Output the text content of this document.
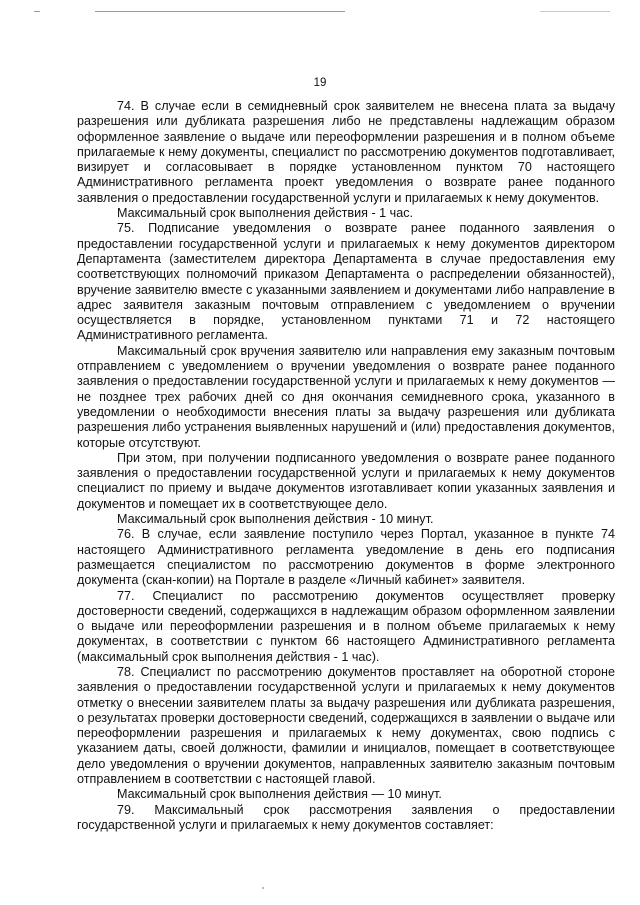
19

74. В случае если в семидневный срок заявителем не внесена плата за выдачу разрешения или дубликата разрешения либо не представлены надлежащим образом оформленное заявление о выдаче или переоформлении разрешения и в полном объеме прилагаемые к нему документы, специалист по рассмотрению документов подготавливает, визирует и согласовывает в порядке установленном пунктом 70 настоящего Административного регламента проект уведомления о возврате ранее поданного заявления о предоставлении государственной услуги и прилагаемых к нему документов.

Максимальный срок выполнения действия - 1 час.

75. Подписание уведомления о возврате ранее поданного заявления о предоставлении государственной услуги и прилагаемых к нему документов директором Департамента (заместителем директора Департамента в случае предоставления ему соответствующих полномочий приказом Департамента о распределении обязанностей), вручение заявителю вместе с указанными заявлением и документами либо направление в адрес заявителя заказным почтовым отправлением с уведомлением о вручении осуществляется в порядке, установленном пунктами 71 и 72 настоящего Административного регламента.

Максимальный срок вручения заявителю или направления ему заказным почтовым отправлением с уведомлением о вручении уведомления о возврате ранее поданного заявления о предоставлении государственной услуги и прилагаемых к нему документов — не позднее трех рабочих дней со дня окончания семидневного срока, указанного в уведомлении о необходимости внесения платы за выдачу разрешения или дубликата разрешения либо устранения выявленных нарушений и (или) предоставления документов, которые отсутствуют.

При этом, при получении подписанного уведомления о возврате ранее поданного заявления о предоставлении государственной услуги и прилагаемых к нему документов специалист по приему и выдаче документов изготавливает копии указанных заявления и документов и помещает их в соответствующее дело.

Максимальный срок выполнения действия - 10 минут.

76. В случае, если заявление поступило через Портал, указанное в пункте 74 настоящего Административного регламента уведомление в день его подписания размещается специалистом по рассмотрению документов в форме электронного документа (скан-копии) на Портале в разделе «Личный кабинет» заявителя.

77. Специалист по рассмотрению документов осуществляет проверку достоверности сведений, содержащихся в надлежащим образом оформленном заявлении о выдаче или переоформлении разрешения и в полном объеме прилагаемых к нему документах, в соответствии с пунктом 66 настоящего Административного регламента (максимальный срок выполнения действия - 1 час).

78. Специалист по рассмотрению документов проставляет на оборотной стороне заявления о предоставлении государственной услуги и прилагаемых к нему документов отметку о внесении заявителем платы за выдачу разрешения или дубликата разрешения, о результатах проверки достоверности сведений, содержащихся в заявлении о выдаче или переоформлении разрешения и прилагаемых к нему документах, свою подпись с указанием даты, своей должности, фамилии и инициалов, помещает в соответствующее дело уведомления о вручении документов, направленных заявителю заказным почтовым отправлением в соответствии с настоящей главой.

Максимальный срок выполнения действия — 10 минут.

79. Максимальный срок рассмотрения заявления о предоставлении государственной услуги и прилагаемых к нему документов составляет:
